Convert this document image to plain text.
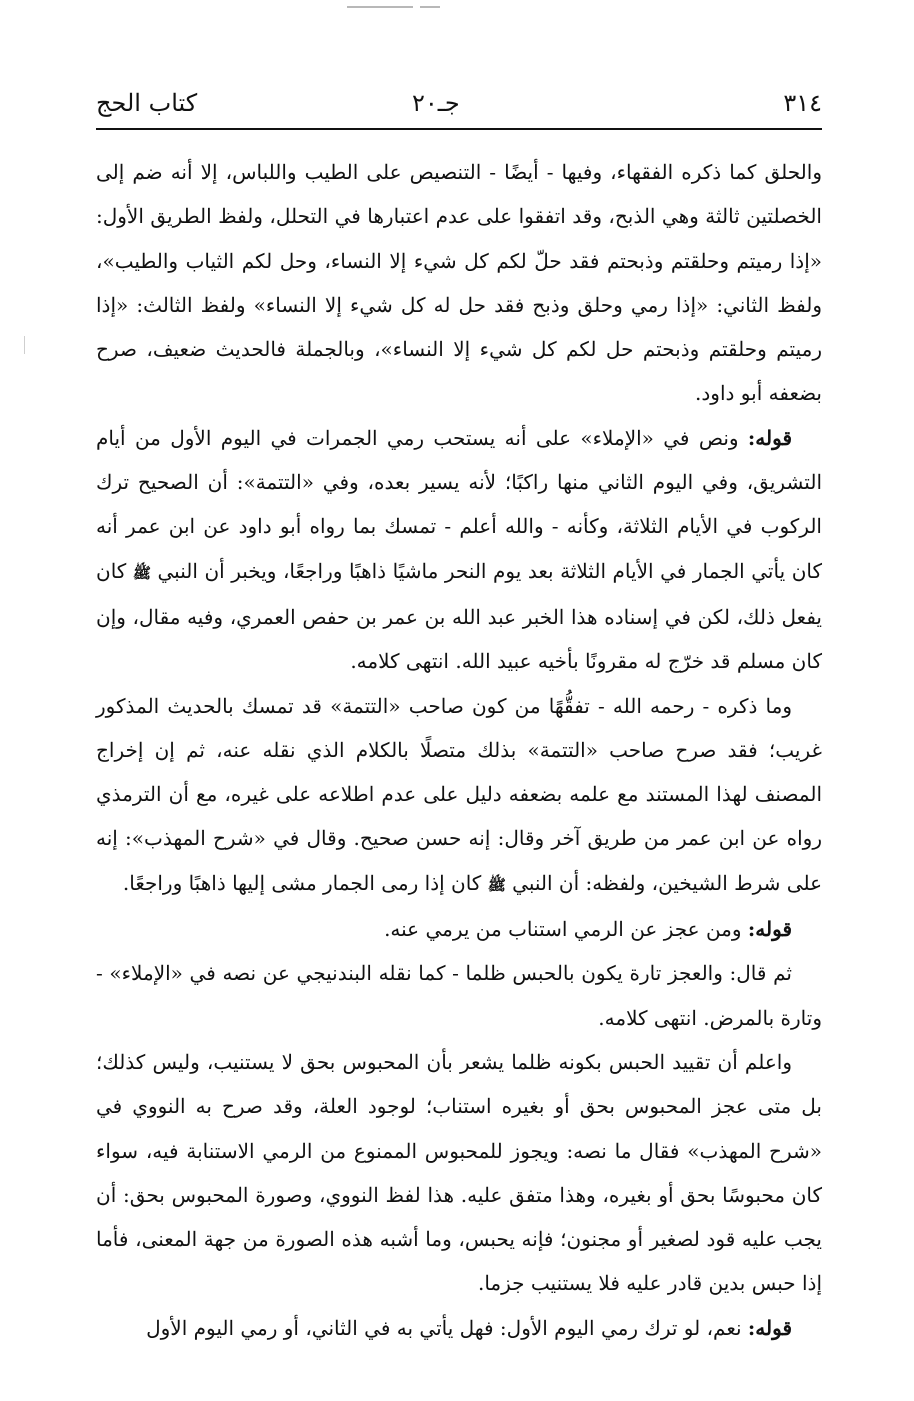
٣١٤
جـ٢٠
كتاب الحج

والحلق كما ذكره الفقهاء، وفيها - أيضًا - التنصيص على الطيب واللباس، إلا أنه ضم إلى الخصلتين ثالثة وهي الذبح، وقد اتفقوا على عدم اعتبارها في التحلل، ولفظ الطريق الأول: «إذا رميتم وحلقتم وذبحتم فقد حلّ لكم كل شيء إلا النساء، وحل لكم الثياب والطيب»، ولفظ الثاني: «إذا رمي وحلق وذبح فقد حل له كل شيء إلا النساء» ولفظ الثالث: «إذا رميتم وحلقتم وذبحتم حل لكم كل شيء إلا النساء»، وبالجملة فالحديث ضعيف، صرح بضعفه أبو داود.

قوله: ونص في «الإملاء» على أنه يستحب رمي الجمرات في اليوم الأول من أيام التشريق، وفي اليوم الثاني منها راكبًا؛ لأنه يسير بعده، وفي «التتمة»: أن الصحيح ترك الركوب في الأيام الثلاثة، وكأنه - والله أعلم - تمسك بما رواه أبو داود عن ابن عمر أنه كان يأتي الجمار في الأيام الثلاثة بعد يوم النحر ماشيًا ذاهبًا وراجعًا، ويخبر أن النبي ﷺ كان يفعل ذلك، لكن في إسناده هذا الخبر عبد الله بن عمر بن حفص العمري، وفيه مقال، وإن كان مسلم قد خرّج له مقرونًا بأخيه عبيد الله. انتهى كلامه.

وما ذكره - رحمه الله - تفقُّهًا من كون صاحب «التتمة» قد تمسك بالحديث المذكور غريب؛ فقد صرح صاحب «التتمة» بذلك متصلًا بالكلام الذي نقله عنه، ثم إن إخراج المصنف لهذا المستند مع علمه بضعفه دليل على عدم اطلاعه على غيره، مع أن الترمذي رواه عن ابن عمر من طريق آخر وقال: إنه حسن صحيح. وقال في «شرح المهذب»: إنه على شرط الشيخين، ولفظه: أن النبي ﷺ كان إذا رمى الجمار مشى إليها ذاهبًا وراجعًا.

قوله: ومن عجز عن الرمي استناب من يرمي عنه.

ثم قال: والعجز تارة يكون بالحبس ظلما - كما نقله البندنيجي عن نصه في «الإملاء» - وتارة بالمرض. انتهى كلامه.

واعلم أن تقييد الحبس بكونه ظلما يشعر بأن المحبوس بحق لا يستنيب، وليس كذلك؛ بل متى عجز المحبوس بحق أو بغيره استناب؛ لوجود العلة، وقد صرح به النووي في «شرح المهذب» فقال ما نصه: ويجوز للمحبوس الممنوع من الرمي الاستنابة فيه، سواء كان محبوسًا بحق أو بغيره، وهذا متفق عليه. هذا لفظ النووي، وصورة المحبوس بحق: أن يجب عليه قود لصغير أو مجنون؛ فإنه يحبس، وما أشبه هذه الصورة من جهة المعنى، فأما إذا حبس بدين قادر عليه فلا يستنيب جزما.

قوله: نعم، لو ترك رمي اليوم الأول: فهل يأتي به في الثاني، أو رمي اليوم الأول
